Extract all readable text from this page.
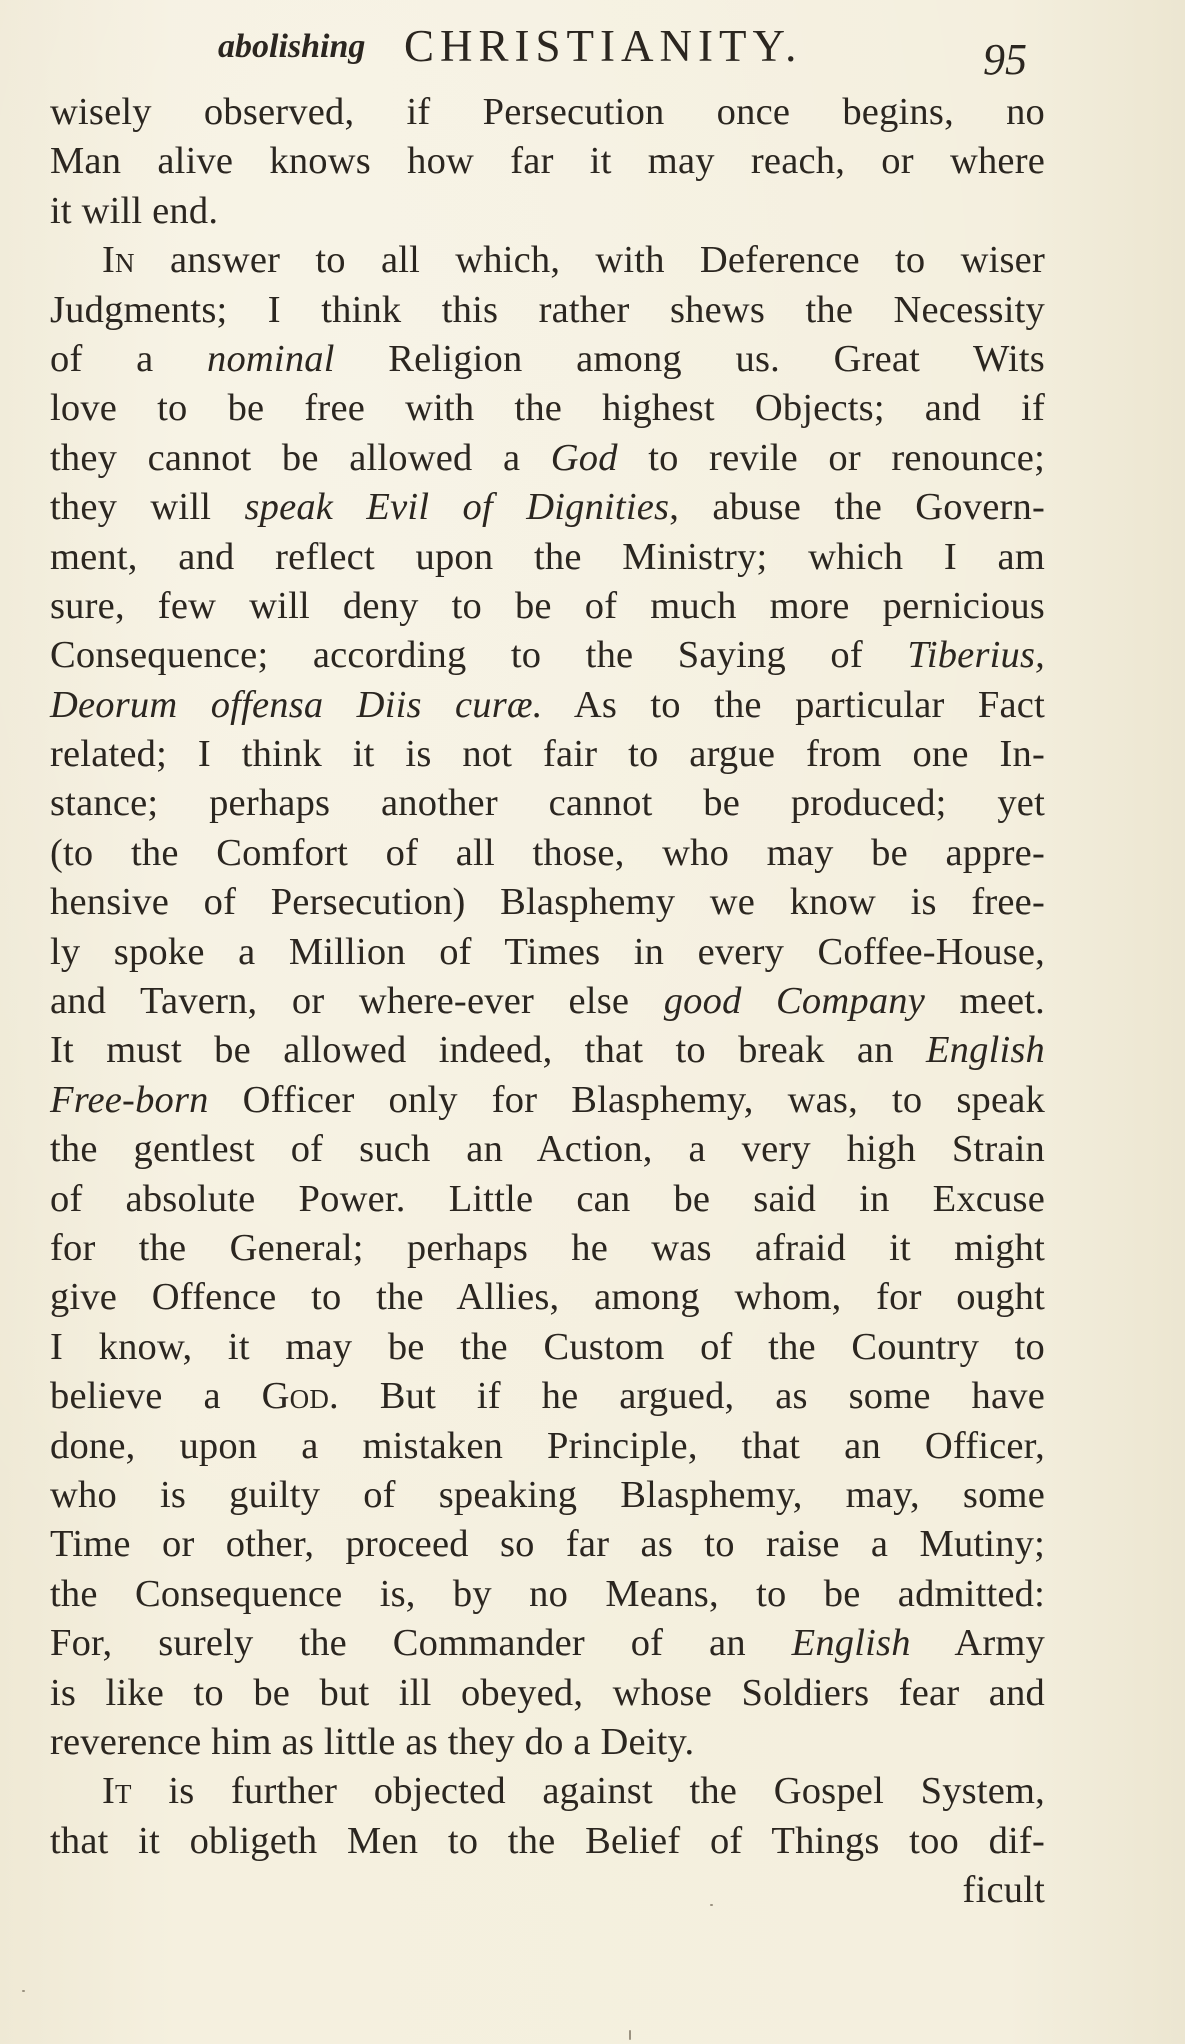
abolishing CHRISTIANITY.	95
wisely observed, if Persecution once begins, no
Man alive knows how far it may reach, or where
it will end.
In answer to all which, with Deference to wiser
Judgments; I think this rather shews the Necessity
of a nominal Religion among us. Great Wits
love to be free with the highest Objects; and if
they cannot be allowed a God to revile or renounce;
they will speak Evil of Dignities, abuse the Govern-
ment, and reflect upon the Ministry; which I am
sure, few will deny to be of much more pernicious
Consequence; according to the Saying of Tiberius,
Deorum offensa Diis curæ. As to the particular Fact
related; I think it is not fair to argue from one In-
stance; perhaps another cannot be produced; yet
(to the Comfort of all those, who may be appre-
hensive of Persecution) Blasphemy we know is free-
ly spoke a Million of Times in every Coffee-House,
and Tavern, or where-ever else good Company meet.
It must be allowed indeed, that to break an English
Free-born Officer only for Blasphemy, was, to speak
the gentlest of such an Action, a very high Strain
of absolute Power. Little can be said in Excuse
for the General; perhaps he was afraid it might
give Offence to the Allies, among whom, for ought
I know, it may be the Custom of the Country to
believe a God. But if he argued, as some have
done, upon a mistaken Principle, that an Officer,
who is guilty of speaking Blasphemy, may, some
Time or other, proceed so far as to raise a Mutiny;
the Consequence is, by no Means, to be admitted:
For, surely the Commander of an English Army
is like to be but ill obeyed, whose Soldiers fear and
reverence him as little as they do a Deity.
It is further objected against the Gospel System,
that it obligeth Men to the Belief of Things too dif-
ficult
